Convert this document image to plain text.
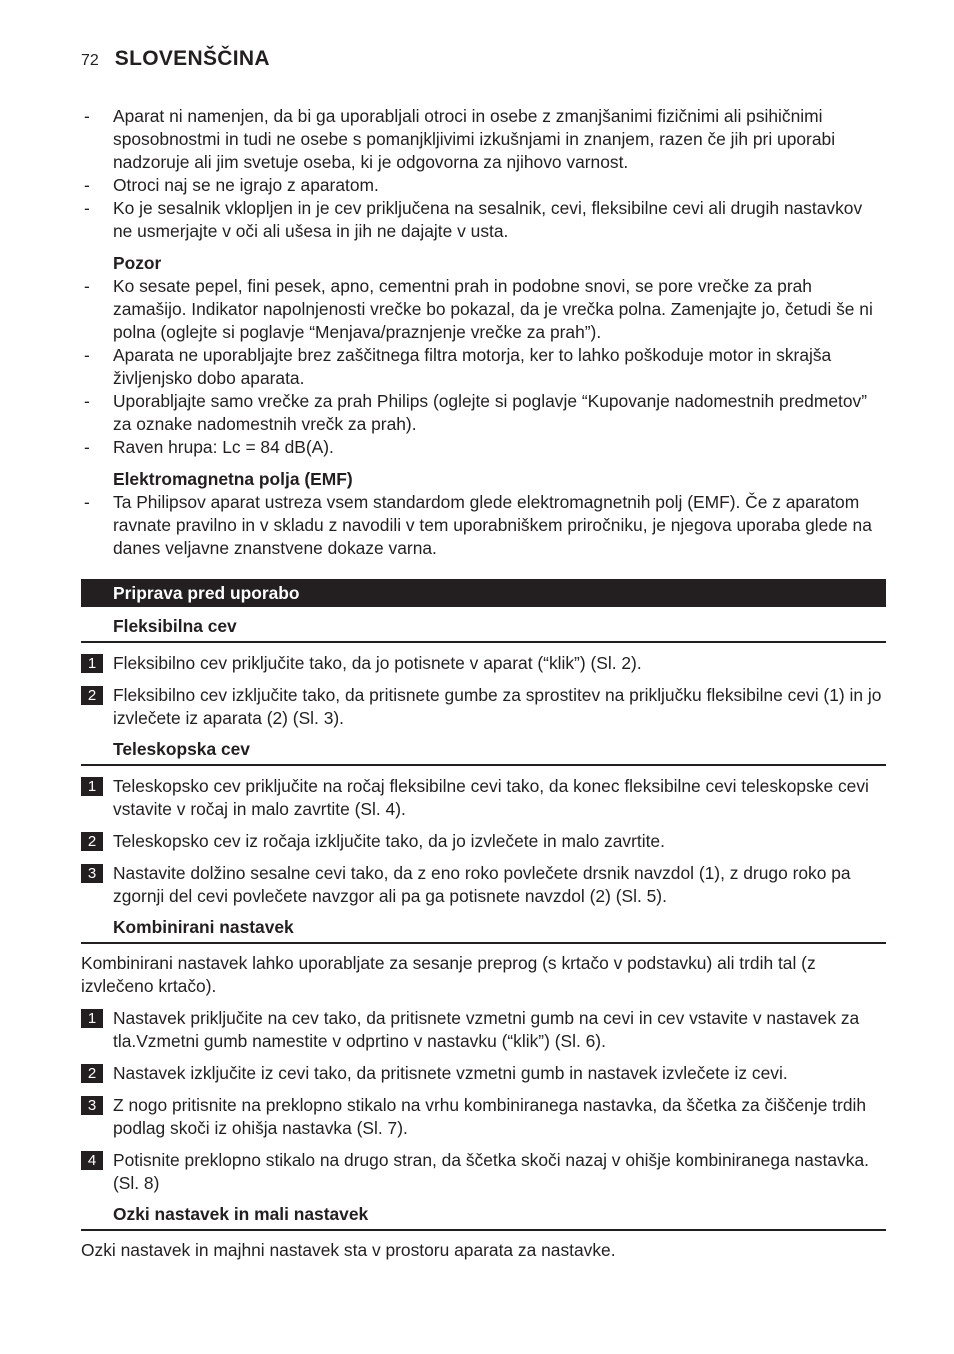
72 SLOVENŠČINA
- Aparat ni namenjen, da bi ga uporabljali otroci in osebe z zmanjšanimi fizičnimi ali psihičnimi sposobnostmi in tudi ne osebe s pomanjkljivimi izkušnjami in znanjem, razen če jih pri uporabi nadzoruje ali jim svetuje oseba, ki je odgovorna za njihovo varnost.
- Otroci naj se ne igrajo z aparatom.
- Ko je sesalnik vklopljen in je cev priključena na sesalnik, cevi, fleksibilne cevi ali drugih nastavkov ne usmerjajte v oči ali ušesa in jih ne dajajte v usta.
Pozor
- Ko sesate pepel, fini pesek, apno, cementni prah in podobne snovi, se pore vrečke za prah zamašijo. Indikator napolnjenosti vrečke bo pokazal, da je vrečka polna. Zamenjajte jo, četudi še ni polna (oglejte si poglavje “Menjava/praznjenje vrečke za prah”).
- Aparata ne uporabljajte brez zaščitnega filtra motorja, ker to lahko poškoduje motor in skrajša življenjsko dobo aparata.
- Uporabljajte samo vrečke za prah Philips (oglejte si poglavje “Kupovanje nadomestnih predmetov” za oznake nadomestnih vrečk za prah).
- Raven hrupa: Lc = 84 dB(A).
Elektromagnetna polja (EMF)
- Ta Philipsov aparat ustreza vsem standardom glede elektromagnetnih polj (EMF). Če z aparatom ravnate pravilno in v skladu z navodili v tem uporabniškem priročniku, je njegova uporaba glede na danes veljavne znanstvene dokaze varna.
Priprava pred uporabo
Fleksibilna cev
1 Fleksibilno cev priključite tako, da jo potisnete v aparat (“klik”) (Sl. 2).
2 Fleksibilno cev izključite tako, da pritisnete gumbe za sprostitev na priključku fleksibilne cevi (1) in jo izvlečete iz aparata (2) (Sl. 3).
Teleskopska cev
1 Teleskopsko cev priključite na ročaj fleksibilne cevi tako, da konec fleksibilne cevi teleskopske cevi vstavite v ročaj in malo zavrtite (Sl. 4).
2 Teleskopsko cev iz ročaja izključite tako, da jo izvlečete in malo zavrtite.
3 Nastavite dolžino sesalne cevi tako, da z eno roko povlečete drsnik navzdol (1), z drugo roko pa zgornji del cevi povlečete navzgor ali pa ga potisnete navzdol (2) (Sl. 5).
Kombinirani nastavek
Kombinirani nastavek lahko uporabljate za sesanje preprog (s krtačo v podstavku) ali trdih tal (z izvlečeno krtačo).
1 Nastavek priključite na cev tako, da pritisnete vzmetni gumb na cevi in cev vstavite v nastavek za tla.Vzmetni gumb namestite v odprtino v nastavku (“klik”) (Sl. 6).
2 Nastavek izključite iz cevi tako, da pritisnete vzmetni gumb in nastavek izvlečete iz cevi.
3 Z nogo pritisnite na preklopno stikalo na vrhu kombiniranega nastavka, da ščetka za čiščenje trdih podlag skoči iz ohišja nastavka (Sl. 7).
4 Potisnite preklopno stikalo na drugo stran, da ščetka skoči nazaj v ohišje kombiniranega nastavka. (Sl. 8)
Ozki nastavek in mali nastavek
Ozki nastavek in majhni nastavek sta v prostoru aparata za nastavke.
